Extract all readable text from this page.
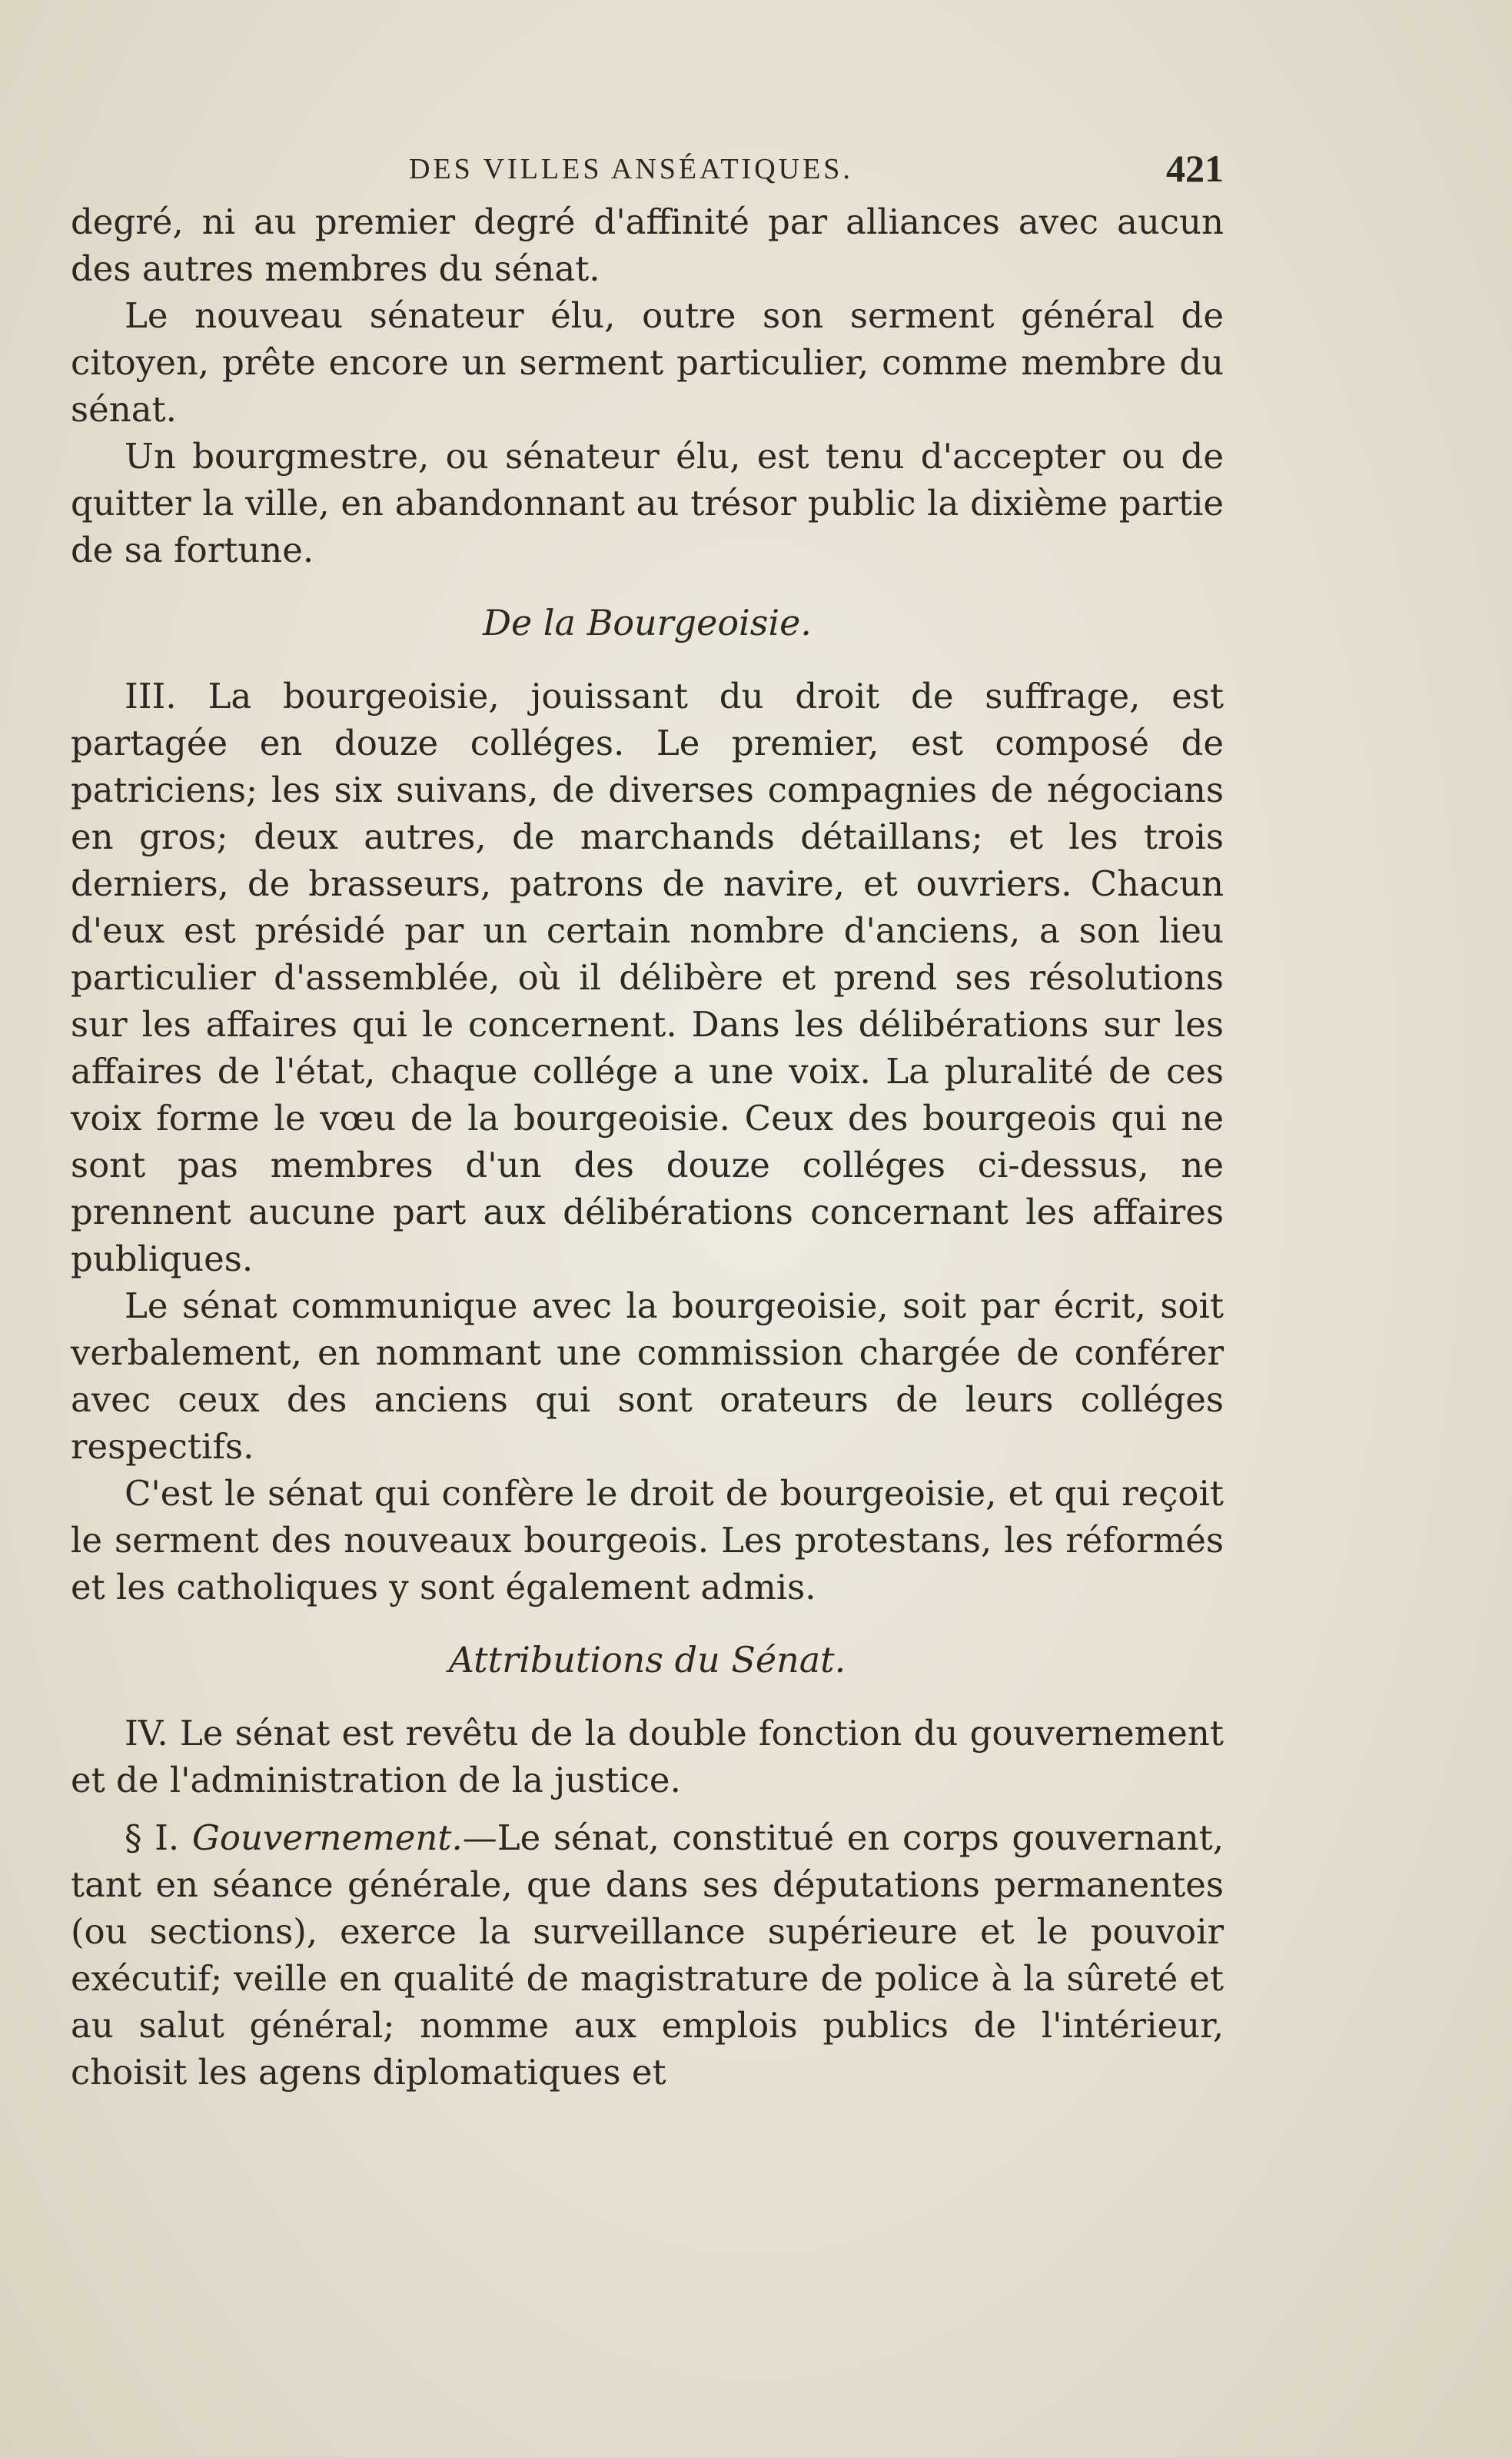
DES VILLES ANSÉATIQUES.	421

degré, ni au premier degré d'affinité par alliances avec aucun des autres membres du sénat.

Le nouveau sénateur élu, outre son serment général de citoyen, prête encore un serment particulier, comme membre du sénat.

Un bourgmestre, ou sénateur élu, est tenu d'accepter ou de quitter la ville, en abandonnant au trésor public la dixième partie de sa fortune.

De la Bourgeoisie.

III. La bourgeoisie, jouissant du droit de suffrage, est partagée en douze colléges. Le premier, est composé de patriciens; les six suivans, de diverses compagnies de négocians en gros; deux autres, de marchands détaillans; et les trois derniers, de brasseurs, patrons de navire, et ouvriers. Chacun d'eux est présidé par un certain nombre d'anciens, a son lieu particulier d'assemblée, où il délibère et prend ses résolutions sur les affaires qui le concernent. Dans les délibérations sur les affaires de l'état, chaque collége a une voix. La pluralité de ces voix forme le vœu de la bourgeoisie. Ceux des bourgeois qui ne sont pas membres d'un des douze colléges ci-dessus, ne prennent aucune part aux délibérations concernant les affaires publiques.

Le sénat communique avec la bourgeoisie, soit par écrit, soit verbalement, en nommant une commission chargée de conférer avec ceux des anciens qui sont orateurs de leurs colléges respectifs.

C'est le sénat qui confère le droit de bourgeoisie, et qui reçoit le serment des nouveaux bourgeois. Les protestans, les réformés et les catholiques y sont également admis.

Attributions du Sénat.

IV. Le sénat est revêtu de la double fonction du gouvernement et de l'administration de la justice.

§ I. Gouvernement.—Le sénat, constitué en corps gouvernant, tant en séance générale, que dans ses députations permanentes (ou sections), exerce la surveillance supérieure et le pouvoir exécutif; veille en qualité de magistrature de police à la sûreté et au salut général; nomme aux emplois publics de l'intérieur, choisit les agens diplomatiques et
